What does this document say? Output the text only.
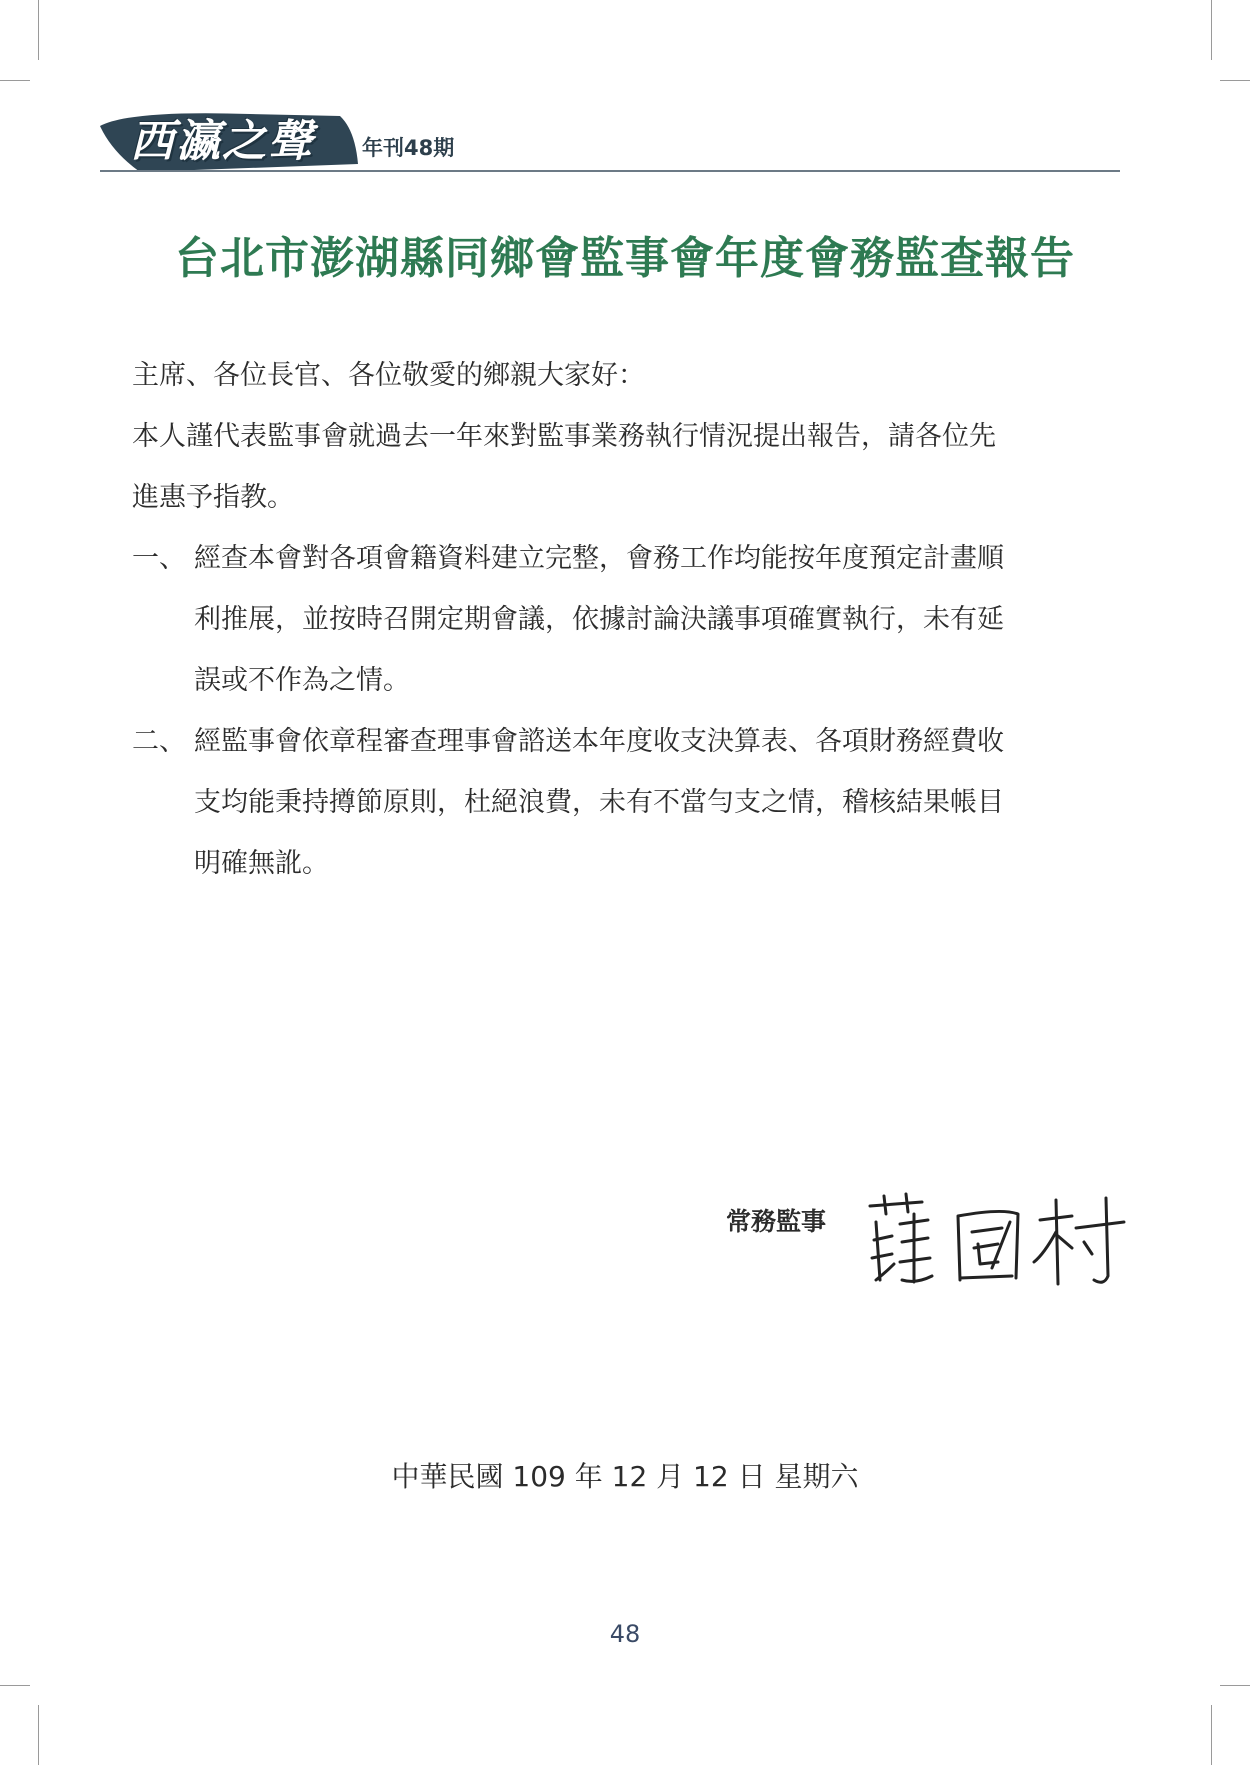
西瀛之聲	年刊48期
台北市澎湖縣同鄉會監事會年度會務監查報告
主席、各位長官、各位敬愛的鄉親大家好：
本人謹代表監事會就過去一年來對監事業務執行情況提出報告，請各位先
進惠予指教。
一、 經查本會對各項會籍資料建立完整，會務工作均能按年度預定計畫順
利推展，並按時召開定期會議，依據討論決議事項確實執行，未有延
誤或不作為之情。
二、 經監事會依章程審查理事會諮送本年度收支決算表、各項財務經費收
支均能秉持撙節原則，杜絕浪費，未有不當勻支之情，稽核結果帳目
明確無訛。
常務監事
中華民國 109 年 12 月 12 日 星期六
48
